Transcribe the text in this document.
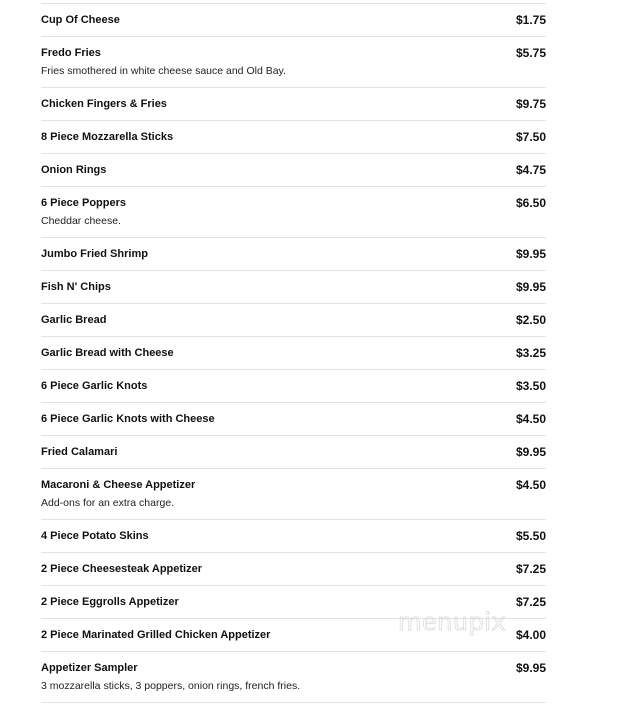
Cup Of Cheese	$1.75
Fredo Fries	$5.75
Fries smothered in white cheese sauce and Old Bay.
Chicken Fingers & Fries	$9.75
8 Piece Mozzarella Sticks	$7.50
Onion Rings	$4.75
6 Piece Poppers	$6.50
Cheddar cheese.
Jumbo Fried Shrimp	$9.95
Fish N' Chips	$9.95
Garlic Bread	$2.50
Garlic Bread with Cheese	$3.25
6 Piece Garlic Knots	$3.50
6 Piece Garlic Knots with Cheese	$4.50
Fried Calamari	$9.95
Macaroni & Cheese Appetizer	$4.50
Add-ons for an extra charge.
4 Piece Potato Skins	$5.50
2 Piece Cheesesteak Appetizer	$7.25
2 Piece Eggrolls Appetizer	$7.25
2 Piece Marinated Grilled Chicken Appetizer	$4.00
Appetizer Sampler	$9.95
3 mozzarella sticks, 3 poppers, onion rings, french fries.
menupix
